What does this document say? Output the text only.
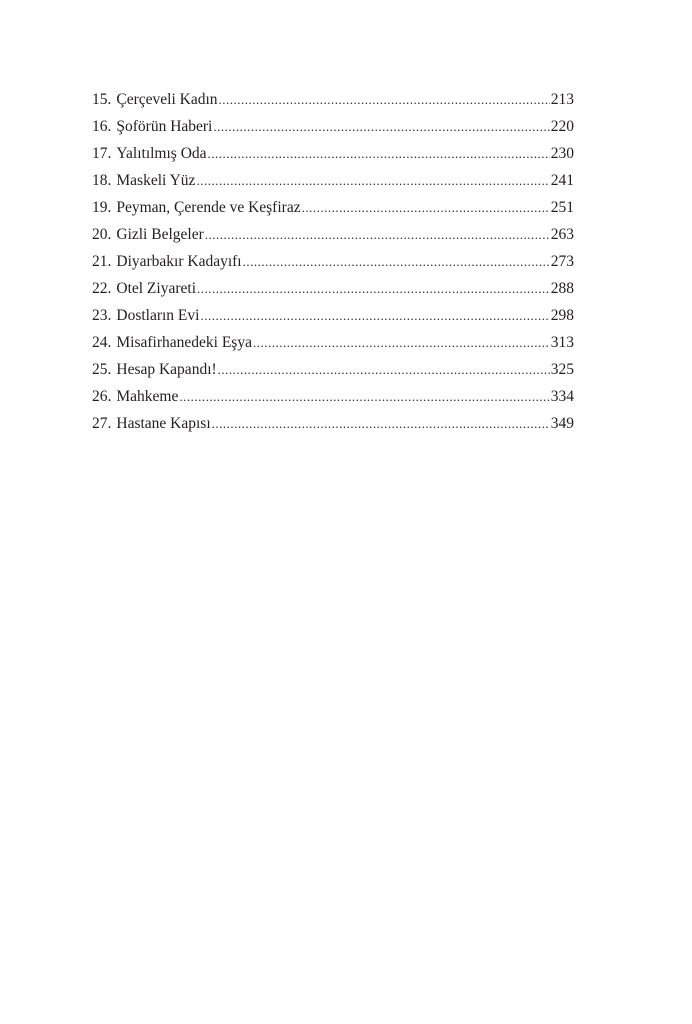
15. Çerçeveli Kadın .....	213
16. Şoförün Haberi .....	220
17. Yalıtılmış Oda .....	230
18. Maskeli Yüz .....	241
19. Peyman, Çerende ve Keşfiraz .....	251
20. Gizli Belgeler .....	263
21. Diyarbakır Kadayıfı .....	273
22. Otel Ziyareti .....	288
23. Dostların Evi .....	298
24. Misafirhanedeki Eşya .....	313
25. Hesap Kapandı! .....	325
26. Mahkeme .....	334
27. Hastane Kapısı .....	349
